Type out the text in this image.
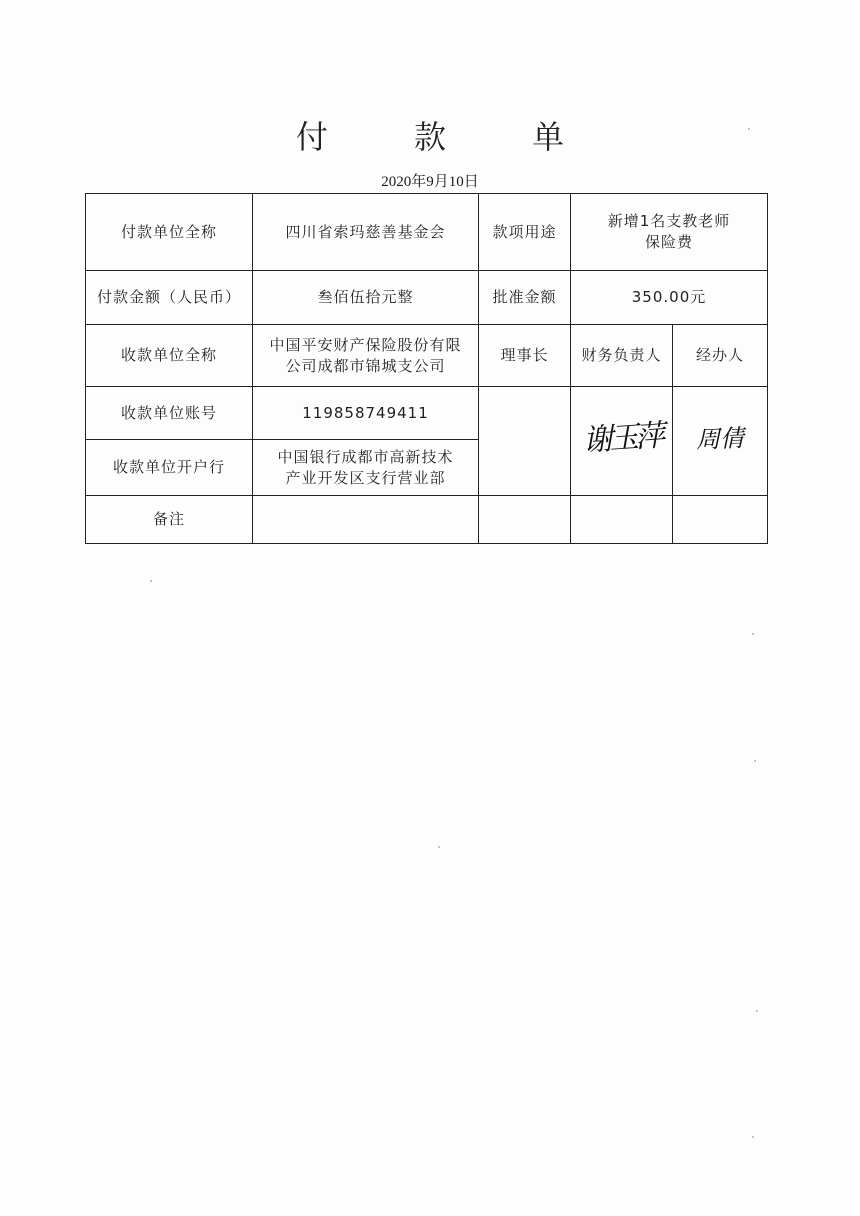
付 款 单
2020年9月10日
付款单位全称	四川省索玛慈善基金会	款项用途	新增1名支教老师
保险费	

付款金额（人民币）	叁佰伍拾元整	批准金额	350.00元	
收款单位全称	中国平安财产保险股份有限
公司成都市锦城支公司	理事长	财务负责人	经办人
收款单位账号	119858749411		谢玉萍	周倩
收款单位开户行	中国银行成都市高新技术
产业开发区支行营业部			

备注				
